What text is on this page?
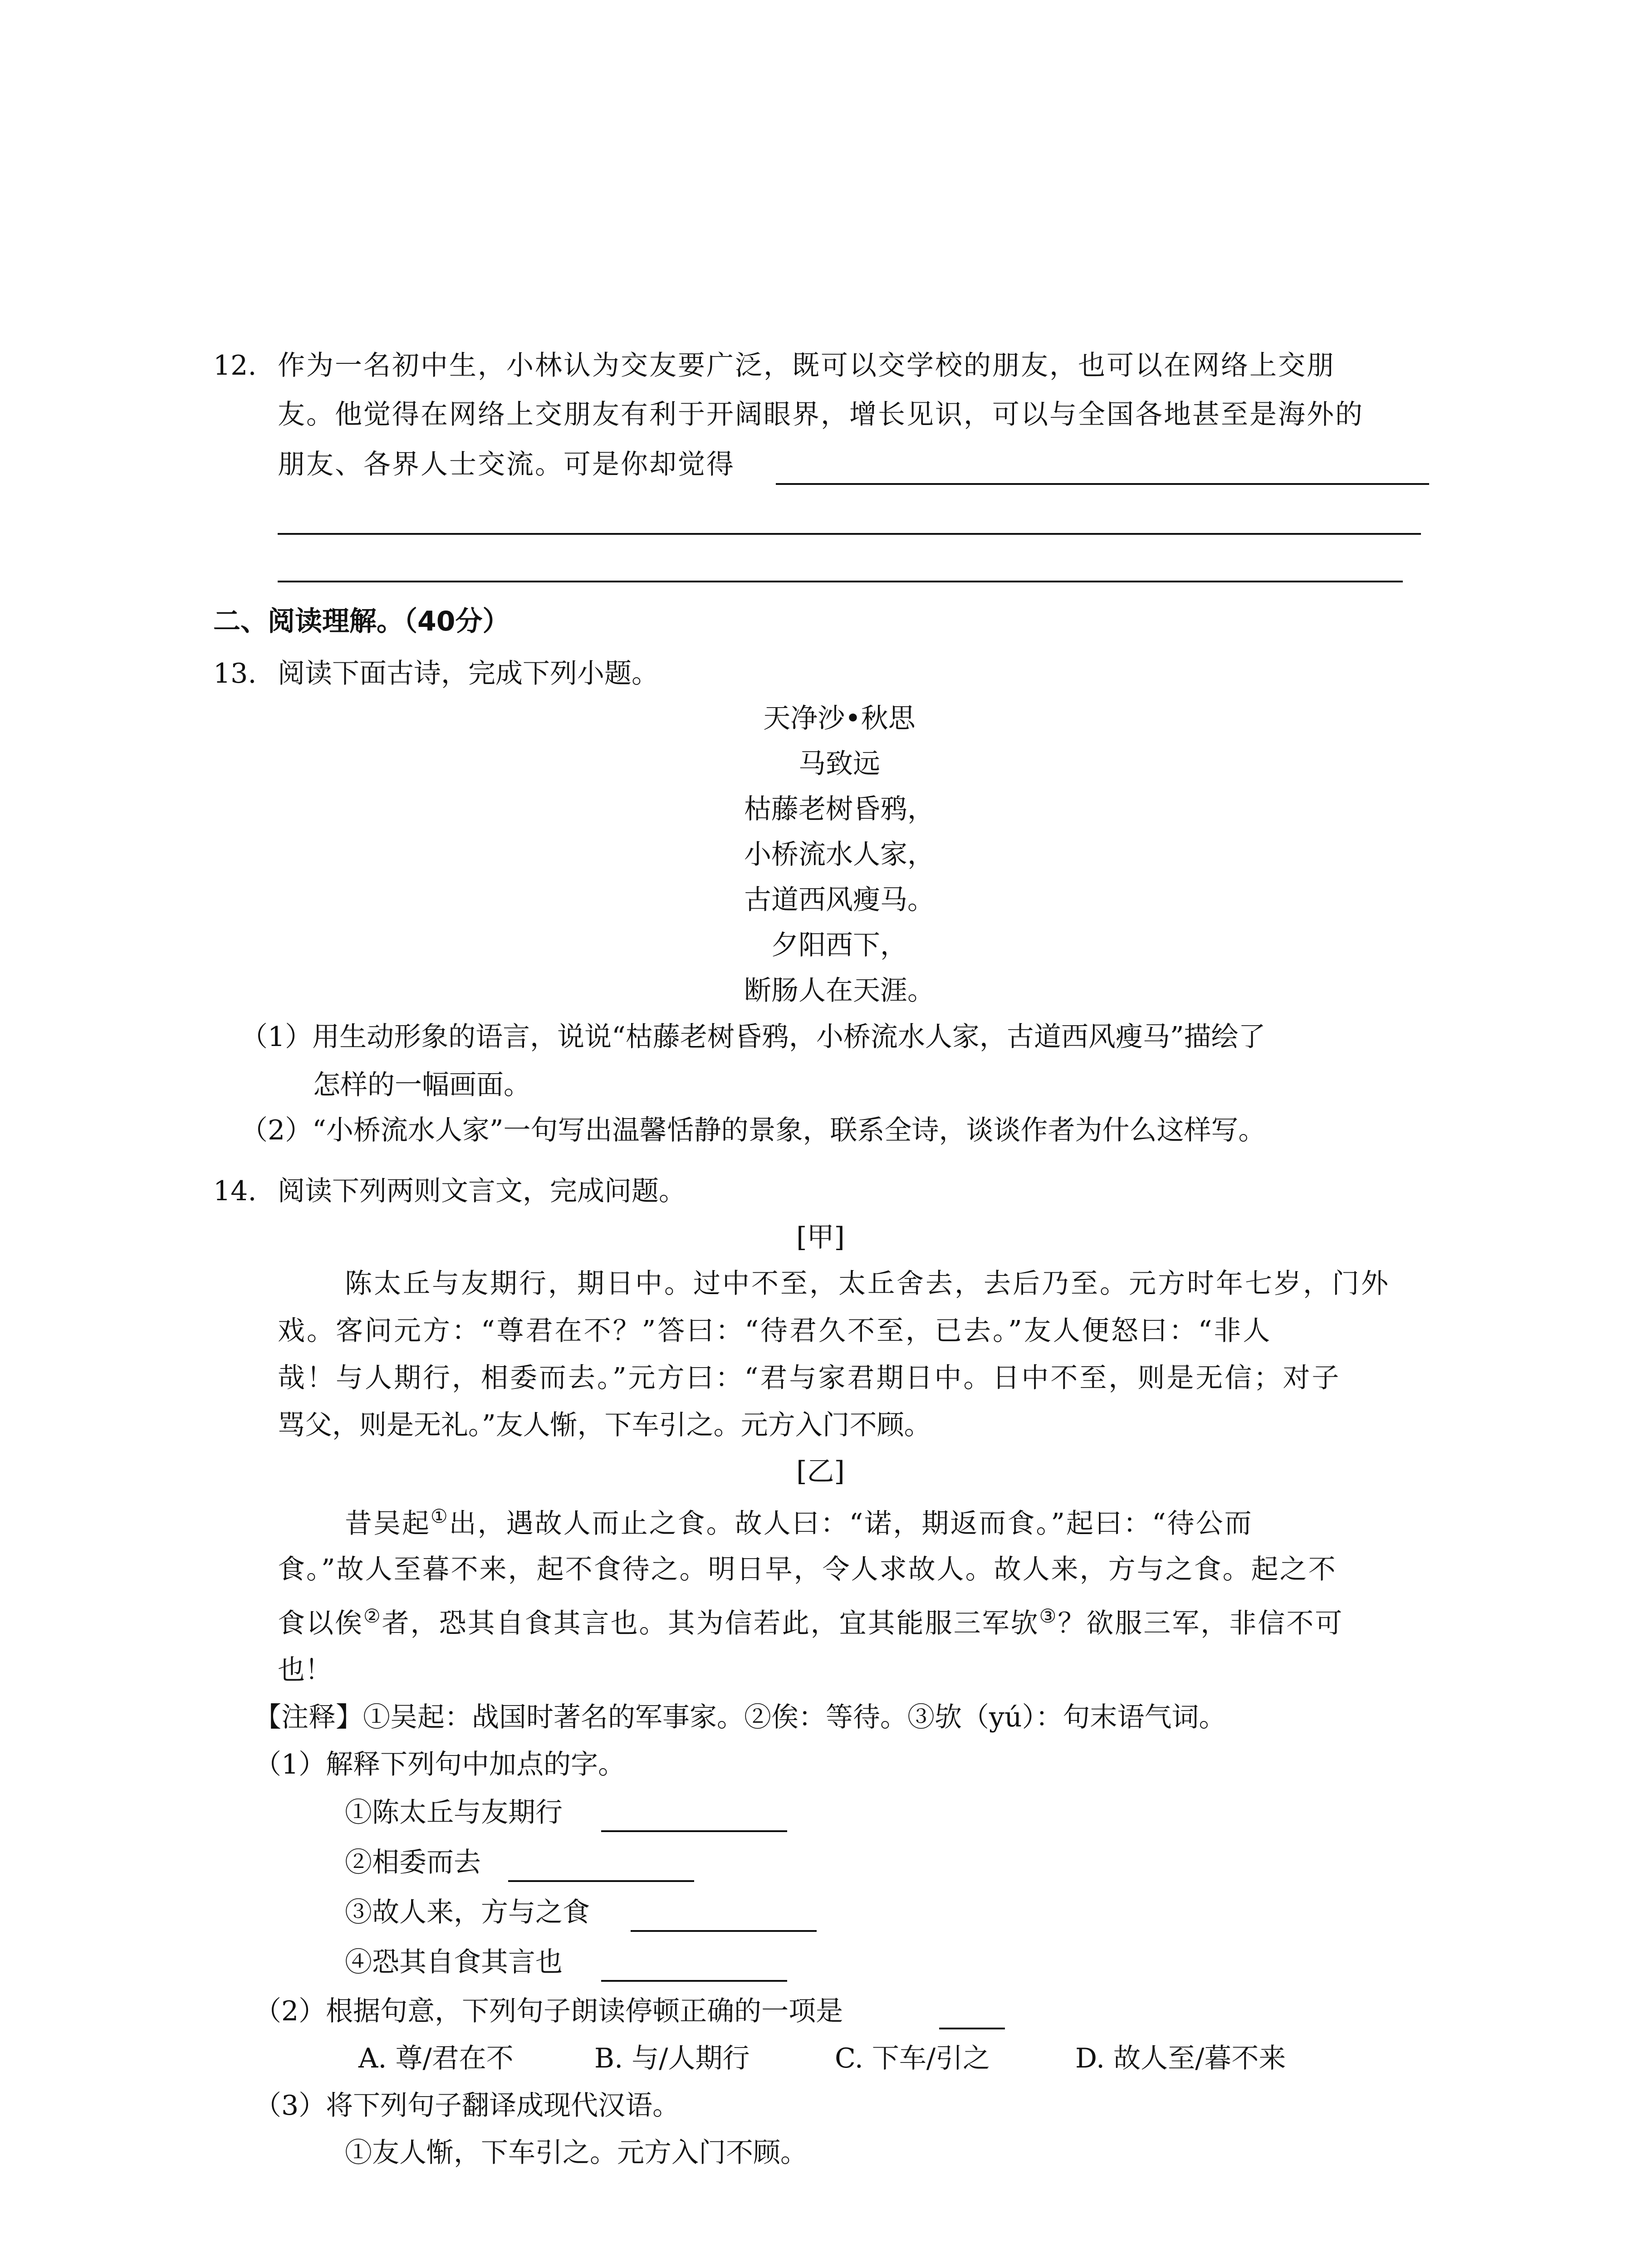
12. 作为一名初中生，小林认为交友要广泛，既可以交学校的朋友，也可以在网络上交朋
友。他觉得在网络上交朋友有利于开阔眼界，增长见识，可以与全国各地甚至是海外的
朋友、各界人士交流。可是你却觉得
二、阅读理解。（40分）
13. 阅读下面古诗，完成下列小题。
天净沙•秋思
马致远
枯藤老树昏鸦，
小桥流水人家，
古道西风瘦马。
夕阳西下，
断肠人在天涯。
（1）用生动形象的语言，说说“枯藤老树昏鸦，小桥流水人家，古道西风瘦马”描绘了
怎样的一幅画面。
（2）“小桥流水人家”一句写出温馨恬静的景象，联系全诗，谈谈作者为什么这样写。
14. 阅读下列两则文言文，完成问题。
[甲]
陈太丘与友期行，期日中。过中不至，太丘舍去，去后乃至。元方时年七岁，门外
戏。客问元方：“尊君在不？”答曰：“待君久不至，已去。”友人便怒曰：“非人
哉！与人期行，相委而去。”元方曰：“君与家君期日中。日中不至，则是无信；对子
骂父，则是无礼。”友人惭，下车引之。元方入门不顾。
[乙]
昔吴起①出，遇故人而止之食。故人曰：“诺，期返而食。”起曰：“待公而
食。”故人至暮不来，起不食待之。明日早，令人求故人。故人来，方与之食。起之不
食以俟②者，恐其自食其言也。其为信若此，宜其能服三军欤③？欲服三军，非信不可
也！
【注释】①吴起：战国时著名的军事家。②俟：等待。③欤（yú）：句末语气词。
（1）解释下列句中加点的字。
①陈太丘与友期行
②相委而去
③故人来，方与之食
④恐其自食其言也
（2）根据句意，下列句子朗读停顿正确的一项是
A. 尊/君在不	B. 与/人期行	C. 下车/引之	D. 故人至/暮不来
（3）将下列句子翻译成现代汉语。
①友人惭，下车引之。元方入门不顾。
